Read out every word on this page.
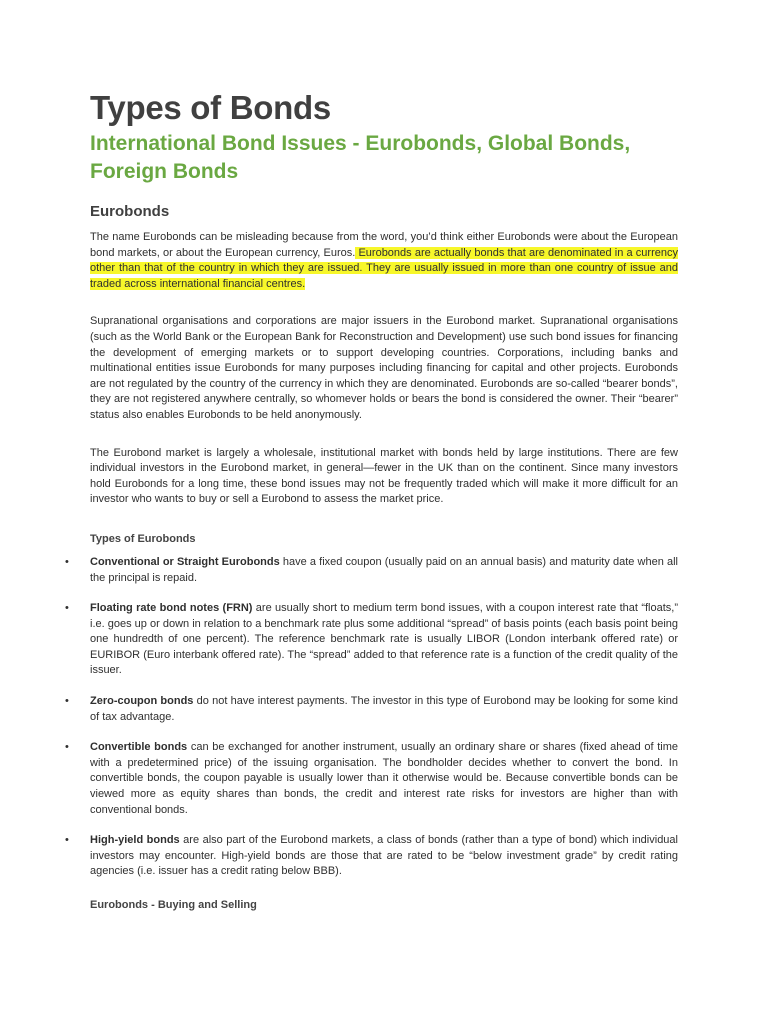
Types of Bonds
International Bond Issues - Eurobonds, Global Bonds, Foreign Bonds
Eurobonds

The name Eurobonds can be misleading because from the word, you’d think either Eurobonds were about the European bond markets, or about the European currency, Euros. Eurobonds are actually bonds that are denominated in a currency other than that of the country in which they are issued. They are usually issued in more than one country of issue and traded across international financial centres.

Supranational organisations and corporations are major issuers in the Eurobond market. Supranational organisations (such as the World Bank or the European Bank for Reconstruction and Development) use such bond issues for financing the development of emerging markets or to support developing countries. Corporations, including banks and multinational entities issue Eurobonds for many purposes including financing for capital and other projects. Eurobonds are not regulated by the country of the currency in which they are denominated. Eurobonds are so-called “bearer bonds”, they are not registered anywhere centrally, so whomever holds or bears the bond is considered the owner. Their “bearer” status also enables Eurobonds to be held anonymously.

The Eurobond market is largely a wholesale, institutional market with bonds held by large institutions. There are few individual investors in the Eurobond market, in general—fewer in the UK than on the continent. Since many investors hold Eurobonds for a long time, these bond issues may not be frequently traded which will make it more difficult for an investor who wants to buy or sell a Eurobond to assess the market price.

Types of Eurobonds
• Conventional or Straight Eurobonds have a fixed coupon (usually paid on an annual basis) and maturity date when all the principal is repaid.
• Floating rate bond notes (FRN) are usually short to medium term bond issues, with a coupon interest rate that “floats,” i.e. goes up or down in relation to a benchmark rate plus some additional “spread” of basis points (each basis point being one hundredth of one percent). The reference benchmark rate is usually LIBOR (London interbank offered rate) or EURIBOR (Euro interbank offered rate). The “spread” added to that reference rate is a function of the credit quality of the issuer.
• Zero-coupon bonds do not have interest payments. The investor in this type of Eurobond may be looking for some kind of tax advantage.
• Convertible bonds can be exchanged for another instrument, usually an ordinary share or shares (fixed ahead of time with a predetermined price) of the issuing organisation. The bondholder decides whether to convert the bond. In convertible bonds, the coupon payable is usually lower than it otherwise would be. Because convertible bonds can be viewed more as equity shares than bonds, the credit and interest rate risks for investors are higher than with conventional bonds.
• High-yield bonds are also part of the Eurobond markets, a class of bonds (rather than a type of bond) which individual investors may encounter. High-yield bonds are those that are rated to be “below investment grade” by credit rating agencies (i.e. issuer has a credit rating below BBB).
Eurobonds - Buying and Selling
